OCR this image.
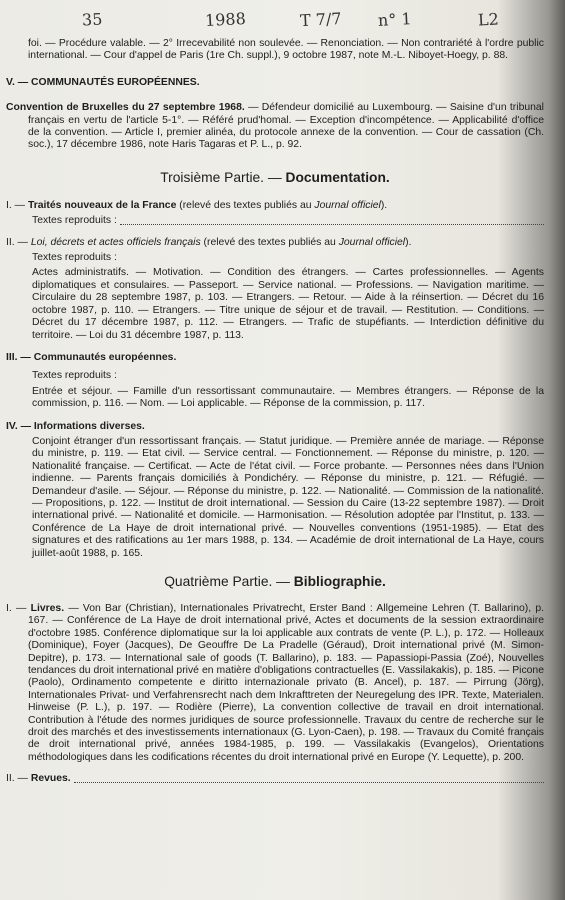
35	1988	T 7/7 n° 1	L2

foi. — Procédure valable. — 2° Irrecevabilité non soulevée. — Renonciation. — Non contrariété à l'ordre public international. — Cour d'appel de Paris (1re Ch. suppl.), 9 octobre 1987, note M.-L. Niboyet-Hoegy, p. 88.

V. — COMMUNAUTÉS EUROPÉENNES.

Convention de Bruxelles du 27 septembre 1968. — Défendeur domicilié au Luxembourg. — Saisine d'un tribunal français en vertu de l'article 5-1°. — Référé prud'homal. — Exception d'incompétence. — Applicabilité d'office de la convention. — Article I, premier alinéa, du protocole annexe de la convention. — Cour de cassation (Ch. soc.), 17 décembre 1986, note Haris Tagaras et P. L., p. 92.

Troisième Partie. — Documentation.

I. — Traités nouveaux de la France (relevé des textes publiés au Journal officiel).

Textes reproduits :

II. — Loi, décrets et actes officiels français (relevé des textes publiés au Journal officiel).

Textes reproduits :

Actes administratifs. — Motivation. — Condition des étrangers. — Cartes professionnelles. — Agents diplomatiques et consulaires. — Passeport. — Service national. — Professions. — Navigation maritime. — Circulaire du 28 septembre 1987, p. 103. — Etrangers. — Retour. — Aide à la réinsertion. — Décret du 16 octobre 1987, p. 110. — Etrangers. — Titre unique de séjour et de travail. — Restitution. — Conditions. — Décret du 17 décembre 1987, p. 112. — Etrangers. — Trafic de stupéfiants. — Interdiction définitive du territoire. — Loi du 31 décembre 1987, p. 113.

III. — Communautés européennes.

Textes reproduits :

Entrée et séjour. — Famille d'un ressortissant communautaire. — Membres étrangers. — Réponse de la commission, p. 116. — Nom. — Loi applicable. — Réponse de la commission, p. 117.

IV. — Informations diverses.

Conjoint étranger d'un ressortissant français. — Statut juridique. — Première année de mariage. — Réponse du ministre, p. 119. — Etat civil. — Service central. — Fonctionnement. — Réponse du ministre, p. 120. — Nationalité française. — Certificat. — Acte de l'état civil. — Force probante. — Personnes nées dans l'Union indienne. — Parents français domiciliés à Pondichéry. — Réponse du ministre, p. 121. — Réfugié. — Demandeur d'asile. — Séjour. — Réponse du ministre, p. 122. — Nationalité. — Commission de la nationalité. — Propositions, p. 122. — Institut de droit international. — Session du Caire (13-22 septembre 1987). — Droit international privé. — Nationalité et domicile. — Harmonisation. — Résolution adoptée par l'Institut, p. 133. — Conférence de La Haye de droit international privé. — Nouvelles conventions (1951-1985). — Etat des signatures et des ratifications au 1er mars 1988, p. 134. — Académie de droit international de La Haye, cours juillet-août 1988, p. 165.

Quatrième Partie. — Bibliographie.

I. — Livres. — Von Bar (Christian), Internationales Privatrecht, Erster Band : Allgemeine Lehren (T. Ballarino), p. 167. — Conférence de La Haye de droit international privé, Actes et documents de la session extraordinaire d'octobre 1985. Conférence diplomatique sur la loi applicable aux contrats de vente (P. L.), p. 172. — Holleaux (Dominique), Foyer (Jacques), De Geouffre De La Pradelle (Géraud), Droit international privé (M. Simon-Depitre), p. 173. — International sale of goods (T. Ballarino), p. 183. — Papassiopi-Passia (Zoé), Nouvelles tendances du droit international privé en matière d'obligations contractuelles (E. Vassilakakis), p. 185. — Picone (Paolo), Ordinamento competente e diritto internazionale privato (B. Ancel), p. 187. — Pirrung (Jörg), Internationales Privat- und Verfahrensrecht nach dem Inkrafttreten der Neuregelung des IPR. Texte, Materialen. Hinweise (P. L.), p. 197. — Rodière (Pierre), La convention collective de travail en droit international. Contribution à l'étude des normes juridiques de source professionnelle. Travaux du centre de recherche sur le droit des marchés et des investissements internationaux (G. Lyon-Caen), p. 198. — Travaux du Comité français de droit international privé, années 1984-1985, p. 199. — Vassilakakis (Evangelos), Orientations méthodologiques dans les codifications récentes du droit international privé en Europe (Y. Lequette), p. 200.

II. —
Revues.
